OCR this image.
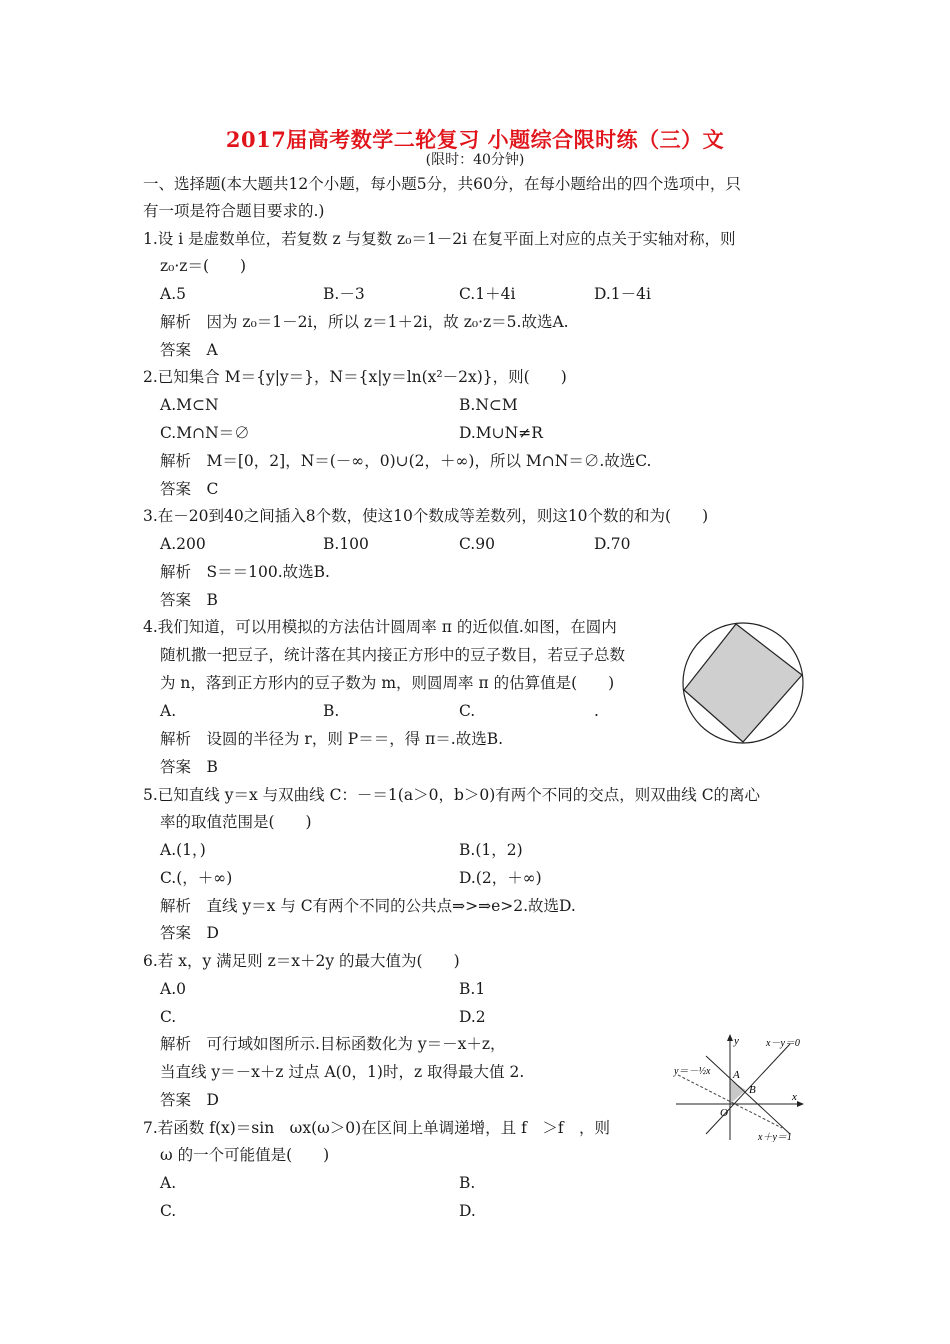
2017届高考数学二轮复习 小题综合限时练（三）文
(限时：40分钟)
一、选择题(本大题共12个小题，每小题5分，共60分，在每小题给出的四个选项中，只
有一项是符合题目要求的.)
1.设 i 是虚数单位，若复数 z 与复数 z₀＝1－2i 在复平面上对应的点关于实轴对称，则
z₀·z＝(　　)
A.5	B.－3	C.1＋4i	D.1－4i
解析　因为 z₀＝1－2i，所以 z＝1＋2i，故 z₀·z＝5.故选A.
答案　A
2.已知集合 M＝{y|y＝}，N＝{x|y＝ln(x²－2x)}，则(　　)
A.M⊂N	B.N⊂M
C.M∩N＝∅	D.M∪N≠R
解析　M＝[0，2]，N＝(－∞，0)∪(2，＋∞)，所以 M∩N＝∅.故选C.
答案　C
3.在－20到40之间插入8个数，使这10个数成等差数列，则这10个数的和为(　　)
A.200	B.100	C.90	D.70
解析　S＝＝100.故选B.
答案　B
4.我们知道，可以用模拟的方法估计圆周率 π 的近似值.如图，在圆内
随机撒一把豆子，统计落在其内接正方形中的豆子数目，若豆子总数
为 n，落到正方形内的豆子数为 m，则圆周率 π 的估算值是(　　)
A.	B.	C.	.
解析　设圆的半径为 r，则 P＝＝，得 π＝.故选B.
答案　B
5.已知直线 y＝x 与双曲线 C：－＝1(a＞0，b＞0)有两个不同的交点，则双曲线 C的离心
率的取值范围是(　　)
A.(1，)	B.(1，2)
C.(，＋∞)	D.(2，＋∞)
解析　直线 y＝x 与 C有两个不同的公共点⇒>⇒e>2.故选D.
答案　D
6.若 x，y 满足则 z＝x＋2y 的最大值为(　　)
A.0	B.1
C.	D.2
解析　可行域如图所示.目标函数化为 y＝－x＋z，
当直线 y＝－x＋z 过点 A(0，1)时，z 取得最大值 2.
答案　D
y
x
O
A
B
x－y＝0
x＋y＝1
y＝－½x
7.若函数 f(x)＝sin　ωx(ω＞0)在区间上单调递增，且 f　＞f　，则
ω 的一个可能值是(　　)
A.	B.
C.	D.
